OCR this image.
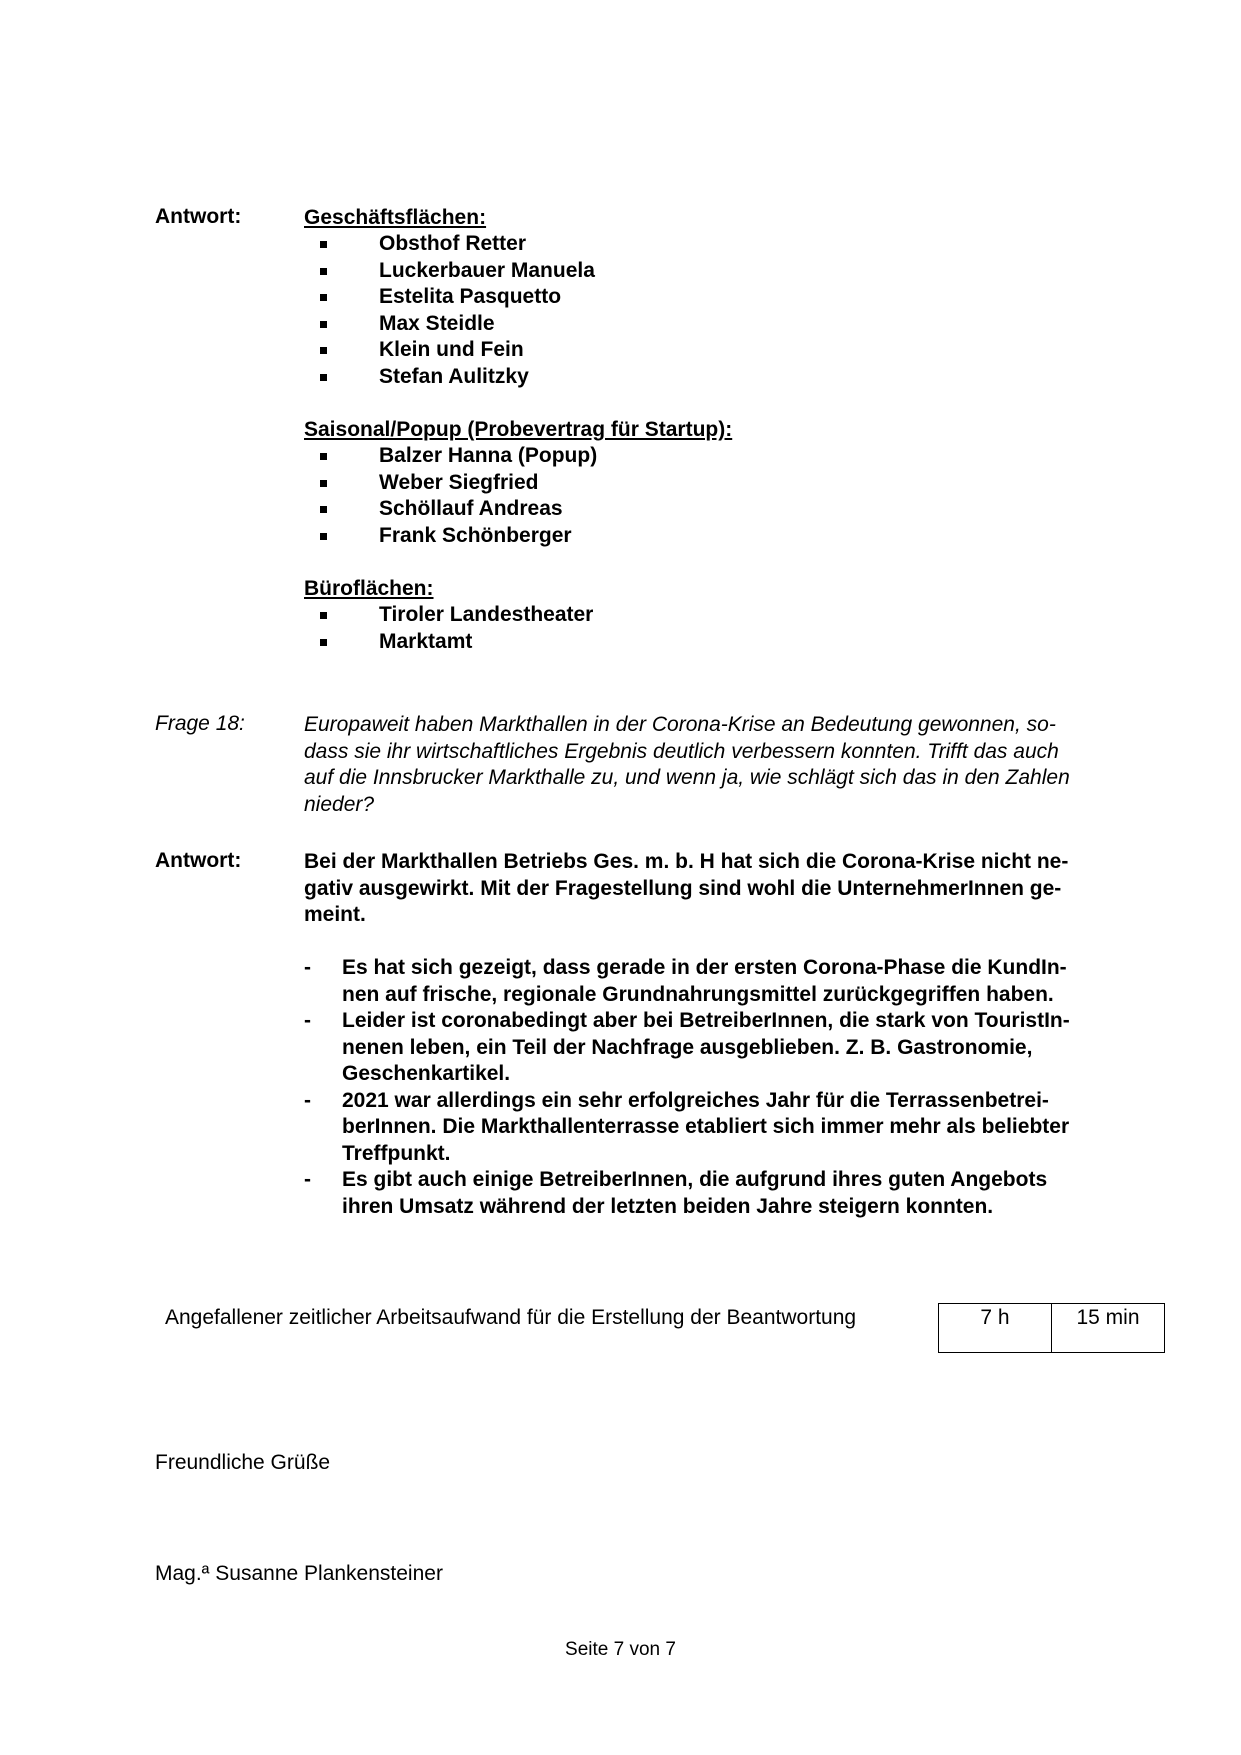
Antwort:	Geschäftsflächen:
Obsthof Retter
Luckerbauer Manuela
Estelita Pasquetto
Max Steidle
Klein und Fein
Stefan Aulitzky
Saisonal/Popup (Probevertrag für Startup):
Balzer Hanna (Popup)
Weber Siegfried
Schöllauf Andreas
Frank Schönberger
Büroflächen:
Tiroler Landestheater
Marktamt
Frage 18:	Europaweit haben Markthallen in der Corona-Krise an Bedeutung gewonnen, so-
dass sie ihr wirtschaftliches Ergebnis deutlich verbessern konnten. Trifft das auch
auf die Innsbrucker Markthalle zu, und wenn ja, wie schlägt sich das in den Zahlen
nieder?
Antwort:	Bei der Markthallen Betriebs Ges. m. b. H hat sich die Corona-Krise nicht ne-
gativ ausgewirkt. Mit der Fragestellung sind wohl die UnternehmerInnen ge-
meint.
- Es hat sich gezeigt, dass gerade in der ersten Corona-Phase die KundIn-
nen auf frische, regionale Grundnahrungsmittel zurückgegriffen haben.
- Leider ist coronabedingt aber bei BetreiberInnen, die stark von TouristIn-
nenen leben, ein Teil der Nachfrage ausgeblieben. Z. B. Gastronomie,
Geschenkartikel.
- 2021 war allerdings ein sehr erfolgreiches Jahr für die Terrassenbetrei-
berInnen. Die Markthallenterrasse etabliert sich immer mehr als beliebter
Treffpunkt.
- Es gibt auch einige BetreiberInnen, die aufgrund ihres guten Angebots
ihren Umsatz während der letzten beiden Jahre steigern konnten.
Angefallener zeitlicher Arbeitsaufwand für die Erstellung der Beantwortung	7 h	15 min
Freundliche Grüße
Mag.ª Susanne Plankensteiner
Seite 7 von 7
